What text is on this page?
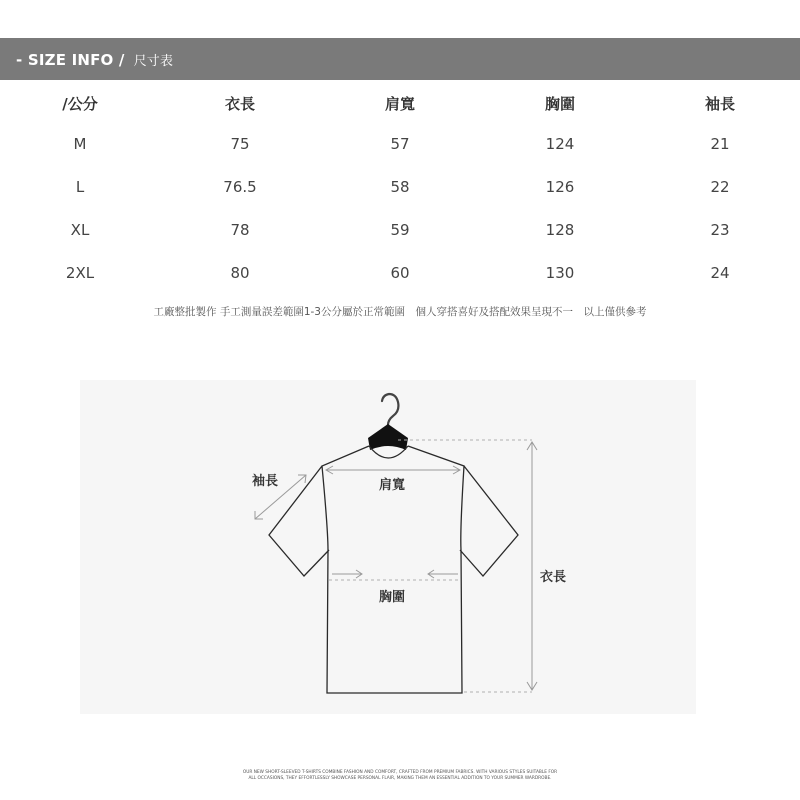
- SIZE INFO / 尺寸表
/公分	衣長	肩寬	胸圍	袖長
M	75	57	124	21
L	76.5	58	126	22
XL	78	59	128	23
2XL	80	60	130	24
工廠整批製作 手工測量誤差範圍1-3公分屬於正常範圍　個人穿搭喜好及搭配效果呈現不一　以上僅供參考
袖長	肩寬
胸圍
衣長
OUR NEW SHORT-SLEEVED T-SHIRTS COMBINE FASHION AND COMFORT, CRAFTED FROM PREMIUM FABRICS. WITH VARIOUS STYLES SUITABLE FOR
ALL OCCASIONS, THEY EFFORTLESSLY SHOWCASE PERSONAL FLAIR, MAKING THEM AN ESSENTIAL ADDITION TO YOUR SUMMER WARDROBE.
